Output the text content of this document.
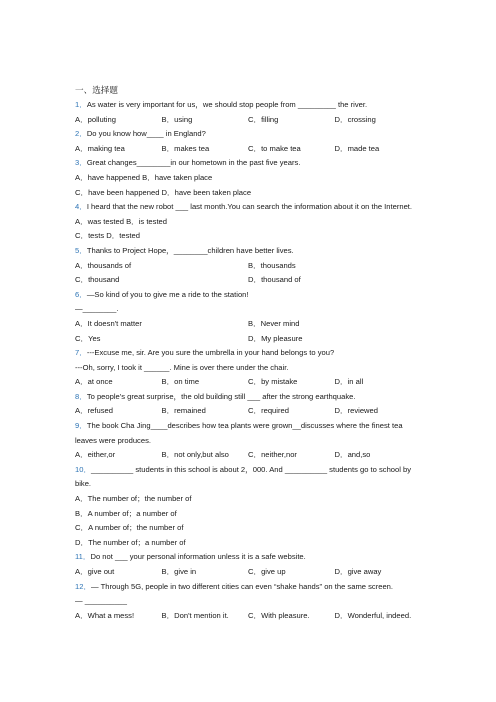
一、选择题
1．As water is very important for us，we should stop people from _________ the river.
A．polluting	B．using	C．filling	D．crossing
2．Do you know how____ in England?
A．making tea	B．makes tea	C．to make tea	D．made tea
3．Great changes________in our hometown in the past five years.
A．have happened B．have taken place
C．have been happened D．have been taken place
4．I heard that the new robot ___ last month.You can search the information about it on the Internet.
A．was tested B．is tested
C．tests D．tested
5．Thanks to Project Hope，________children have better lives.
A．thousands of	B．thousands
C．thousand	D．thousand of
6．—So kind of you to give me a ride to the station!
—________.
A．It doesn't matter	B．Never mind
C．Yes	D．My pleasure
7．---Excuse me, sir. Are you sure the umbrella in your hand belongs to you?
---Oh, sorry, I took it ______. Mine is over there under the chair.
A．at once	B．on time	C．by mistake	D．in all
8．To people's great surprise，the old building still ___ after the strong earthquake.
A．refused	B．remained	C．required	D．reviewed
9．The book Cha Jing____describes how tea plants were grown__discusses where the finest tea leaves were produces.
A．either,or	B．not only,but also	C．neither,nor	D．and,so
10．__________ students in this school is about 2，000. And __________ students go to school by bike.
A．The number of；the number of
B．A number of；a number of
C．A number of；the number of
D．The number of；a number of
11．Do not ___ your personal information unless it is a safe website.
A．give out	B．give in	C．give up	D．give away
12．— Through 5G, people in two different cities can even “shake hands” on the same screen.
— __________
A．What a mess!	B．Don't mention it.	C．With pleasure.	D．Wonderful, indeed.
